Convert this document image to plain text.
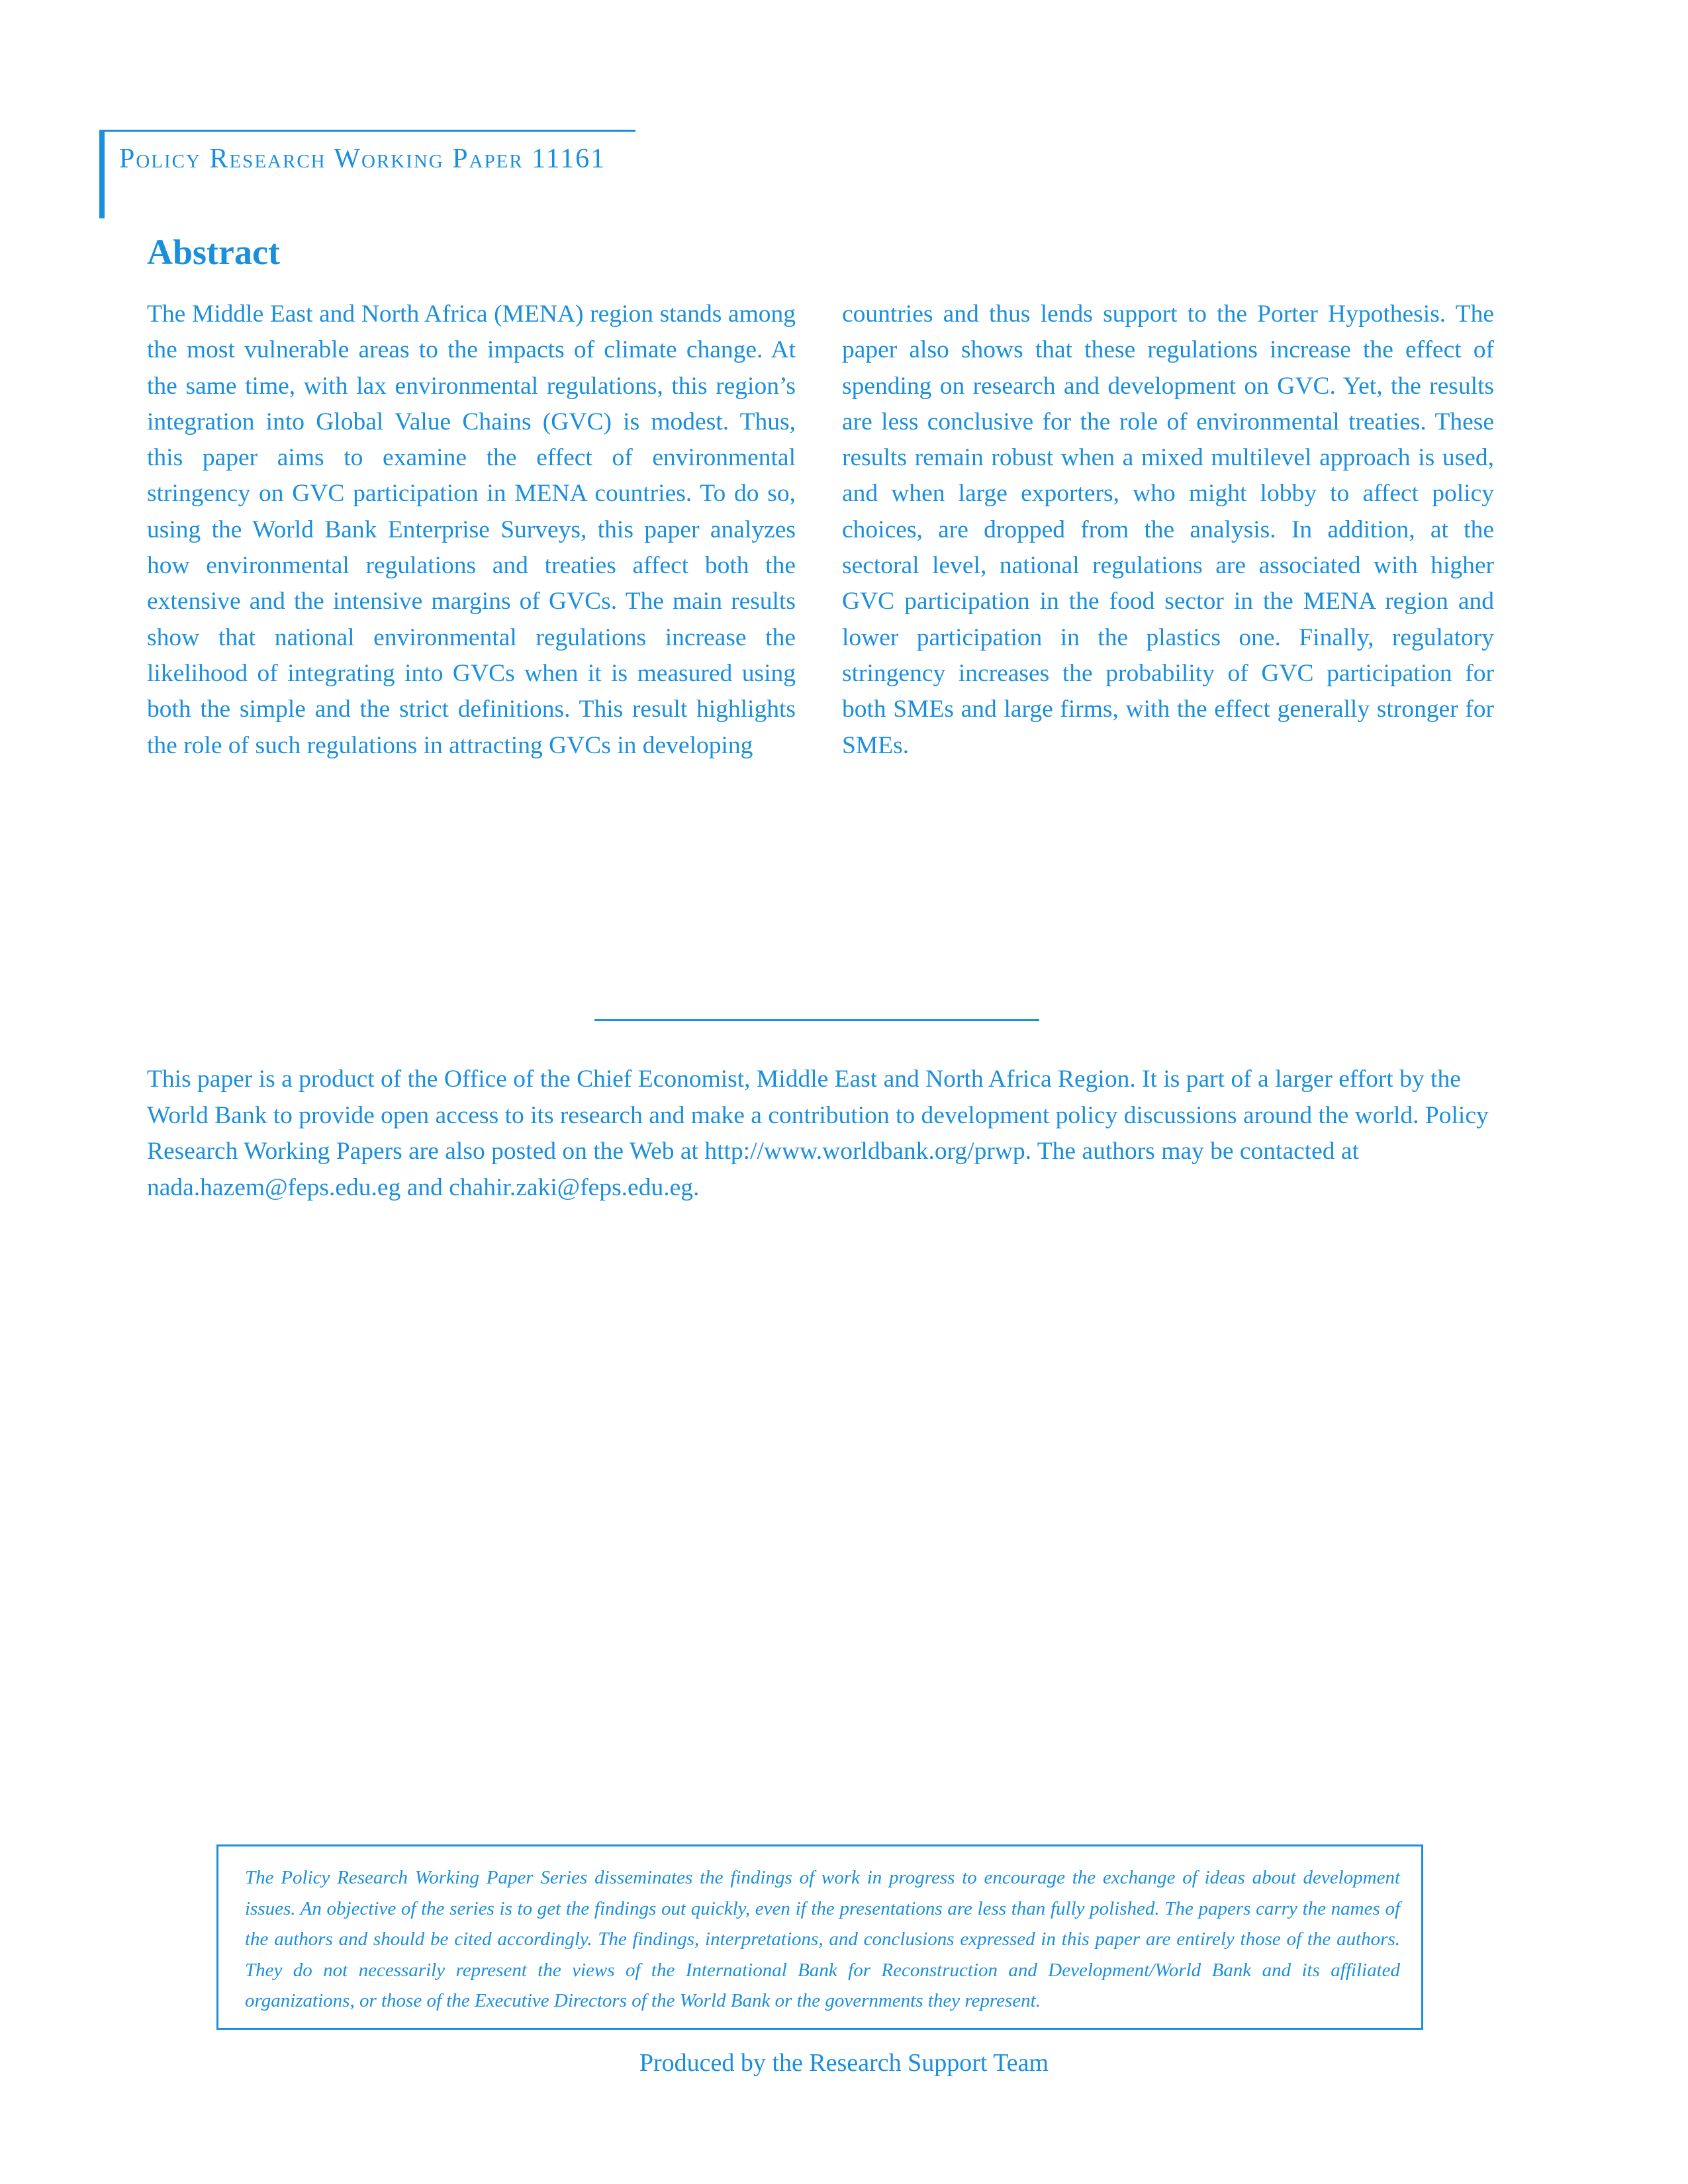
Policy Research Working Paper 11161
Abstract
The Middle East and North Africa (MENA) region stands among the most vulnerable areas to the impacts of climate change. At the same time, with lax environmental regulations, this region’s integration into Global Value Chains (GVC) is modest. Thus, this paper aims to examine the effect of environmental stringency on GVC participation in MENA countries. To do so, using the World Bank Enterprise Surveys, this paper analyzes how environmental regulations and treaties affect both the extensive and the intensive margins of GVCs. The main results show that national environmental regulations increase the likelihood of integrating into GVCs when it is measured using both the simple and the strict definitions. This result highlights the role of such regulations in attracting GVCs in developing
countries and thus lends support to the Porter Hypothesis. The paper also shows that these regulations increase the effect of spending on research and development on GVC. Yet, the results are less conclusive for the role of environmental treaties. These results remain robust when a mixed multilevel approach is used, and when large exporters, who might lobby to affect policy choices, are dropped from the analysis. In addition, at the sectoral level, national regulations are associated with higher GVC participation in the food sector in the MENA region and lower participation in the plastics one. Finally, regulatory stringency increases the probability of GVC participation for both SMEs and large firms, with the effect generally stronger for SMEs.
This paper is a product of the Office of the Chief Economist, Middle East and North Africa Region. It is part of a larger effort by the World Bank to provide open access to its research and make a contribution to development policy discussions around the world. Policy Research Working Papers are also posted on the Web at http://www.worldbank.org/prwp. The authors may be contacted at nada.hazem@feps.edu.eg and chahir.zaki@feps.edu.eg.
The Policy Research Working Paper Series disseminates the findings of work in progress to encourage the exchange of ideas about development issues. An objective of the series is to get the findings out quickly, even if the presentations are less than fully polished. The papers carry the names of the authors and should be cited accordingly. The findings, interpretations, and conclusions expressed in this paper are entirely those of the authors. They do not necessarily represent the views of the International Bank for Reconstruction and Development/World Bank and its affiliated organizations, or those of the Executive Directors of the World Bank or the governments they represent.
Produced by the Research Support Team
